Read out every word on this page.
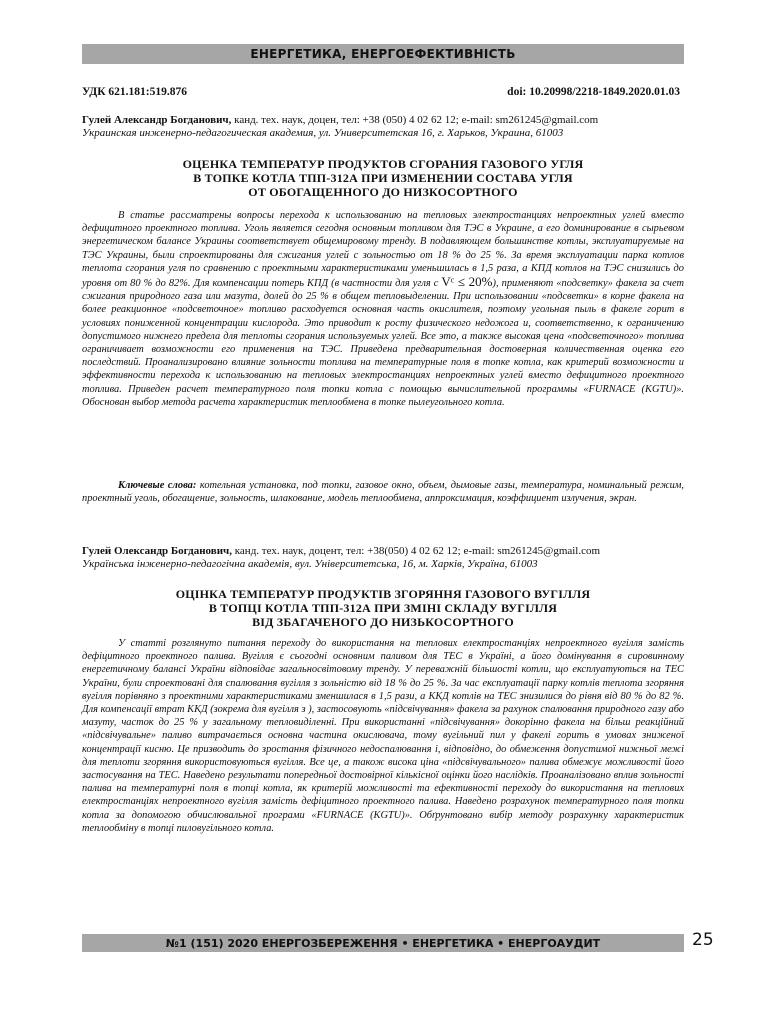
ЕНЕРГЕТИКА, ЕНЕРГОЕФЕКТИВНІСТЬ
УДК 621.181:519.876	doi: 10.20998/2218-1849.2020.01.03
Гулей Александр Богданович, канд. тех. наук, доцен, тел: +38 (050) 4 02 62 12; e-mail: sm261245@gmail.com
Украинская инженерно-педагогическая академия, ул. Университетская 16, г. Харьков, Украина, 61003
ОЦЕНКА ТЕМПЕРАТУР ПРОДУКТОВ СГОРАНИЯ ГАЗОВОГО УГЛЯ
В ТОПКЕ КОТЛА ТПП-312А ПРИ ИЗМЕНЕНИИ СОСТАВА УГЛЯ
ОТ ОБОГАЩЕННОГО ДО НИЗКОСОРТНОГО

В статье рассматрены вопросы перехода к использованию на тепловых электростанциях непроектных углей вместо дефицитного проектного топлива. Уголь является сегодня основным топливом для ТЭС в Украине, а его доминирование в сырьевом энергетическом балансе Украины соответствует общемировому тренду. В подавляющем большинстве котлы, эксплуатируемые на ТЭС Украины, были спроектированы для сжигания углей с зольностью от 18 % до 25 %. За время эксплуатации парка котлов теплота сгорания угля по сравнению с проектными характеристиками уменьшилась в 1,5 раза, а КПД котлов на ТЭС снизились до уровня от 80 % до 82%. Для компенсации потерь КПД (в частности для угля с Vᶜ ≤ 20%), применяют «подсветку» факела за счет сжигания природного газа или мазута, долей до 25 % в общем тепловыделении. При использовании «подсветки» в корне факела на более реакционное «подсветочное» топливо расходуется основная часть окислителя, поэтому угольная пыль в факеле горит в условиях пониженной концентрации кислорода. Это приводит к росту физического недожога и, соответственно, к ограничению допустимого нижнего предела для теплоты сгорания используемых углей. Все это, а также высокая цена «подсветочного» топлива ограничивает возможности его применения на ТЭС. Приведена предварительная достоверная количественная оценка его последствий. Проанализировано влияние зольности топлива на температурные поля в топке котла, как критерий возможности и эффективности перехода к использованию на тепловых электростанциях непроектных углей вместо дефицитного проектного топлива. Приведен расчет температурного поля топки котла с помощью вычислительной программы «FURNACE (KGTU)». Обоснован выбор метода расчета характеристик теплообмена в топке пылеугольного котла.

Ключевые слова: котельная установка, под топки, газовое окно, объем, дымовые газы, температура, номинальный режим, проектный уголь, обогащение, зольность, шлакование, модель теплообмена, аппроксимация, коэффициент излучения, экран.

Гулей Олександр Богданович, канд. тех. наук, доцент, тел: +38(050) 4 02 62 12; e-mail: sm261245@gmail.com
Українська інженерно-педагогічна академія, вул. Університетська, 16, м. Харків, Україна, 61003
ОЦІНКА ТЕМПЕРАТУР ПРОДУКТІВ ЗГОРЯННЯ ГАЗОВОГО ВУГІЛЛЯ
В ТОПЦІ КОТЛА ТПП-312А ПРИ ЗМІНІ СКЛАДУ ВУГІЛЛЯ
ВІД ЗБАГАЧЕНОГО ДО НИЗЬКОСОРТНОГО

У статті розглянуто питання переходу до використання на теплових електростанціях непроектного вугілля замість дефіцитного проектного палива. Вугілля є сьогодні основним паливом для ТЕС в Україні, а його домінування в сировинному енергетичному балансі України відповідає загальносвітовому тренду. У переважній більшості котли, що експлуатуються на ТЕС України, були спроектовані для спалювання вугілля з зольністю від 18 % до 25 %. За час експлуатації парку котлів теплота згоряння вугілля порівняно з проектними характеристиками зменшилася в 1,5 рази, а ККД котлів на ТЕС знизилися до рівня від 80 % до 82 %. Для компенсації втрат ККД (зокрема для вугілля з ), застосовують «підсвічування» факела за рахунок спалювання природного газу або мазуту, часток до 25 % у загальному тепловиділенні. При використанні «підсвічування» докорінно факела на більш реакційний «підсвічувальне» паливо витрачається основна частина окислювача, тому вугільний пил у факелі горить в умовах зниженої концентрації кисню. Це призводить до зростання фізичного недоспалювання і, відповідно, до обмеження допустимої нижньої межі для теплоти згоряння використовуються вугілля. Все це, а також висока ціна «підсвічувального» палива обмежує можливості його застосування на ТЕС. Наведено результати попередньої достовірної кількісної оцінки його наслідків. Проаналізовано вплив зольності палива на температурні поля в топці котла, як критерій можливості та ефективності переходу до використання на теплових електростанціях непроектного вугілля замість дефіцитного проектного палива. Наведено розрахунок температурного поля топки котла за допомогою обчислювальної програми «FURNACE (KGTU)». Обґрунтовано вибір методу розрахунку характеристик теплообміну в топці пиловугільного котла.

№1 (151) 2020 ЕНЕРГОЗБЕРЕЖЕННЯ • ЕНЕРГЕТИКА • ЕНЕРГОАУДИТ	25
